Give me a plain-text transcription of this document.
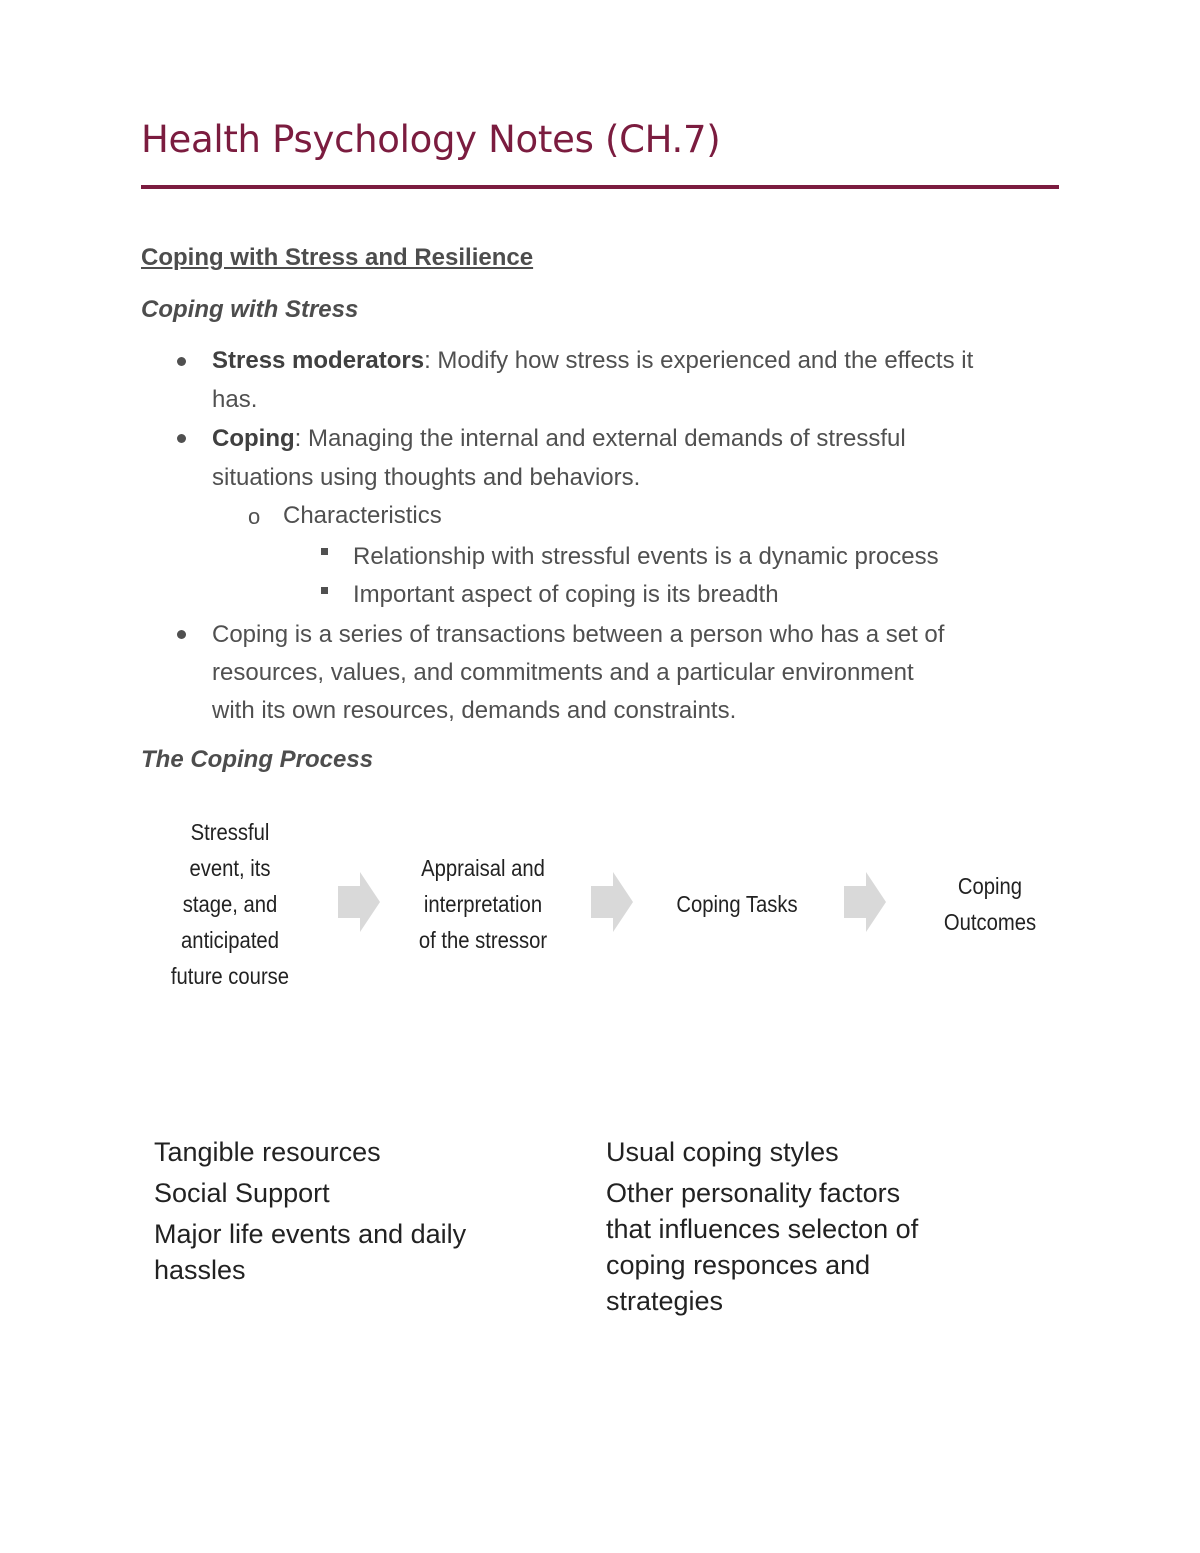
Health Psychology Notes (CH.7)
Coping with Stress and Resilience
Coping with Stress
Stress moderators: Modify how stress is experienced and the effects it
has.
Coping: Managing the internal and external demands of stressful
situations using thoughts and behaviors.
o Characteristics
Relationship with stressful events is a dynamic process
Important aspect of coping is its breadth
Coping is a series of transactions between a person who has a set of
resources, values, and commitments and a particular environment
with its own resources, demands and constraints.
The Coping Process
Stressful
event, its
stage, and
anticipated
future course
Appraisal and
interpretation
of the stressor
Coping Tasks
Coping
Outcomes
Tangible resources
Social Support
Major life events and daily
hassles
Usual coping styles
Other personality factors
that influences selecton of
coping responces and
strategies
